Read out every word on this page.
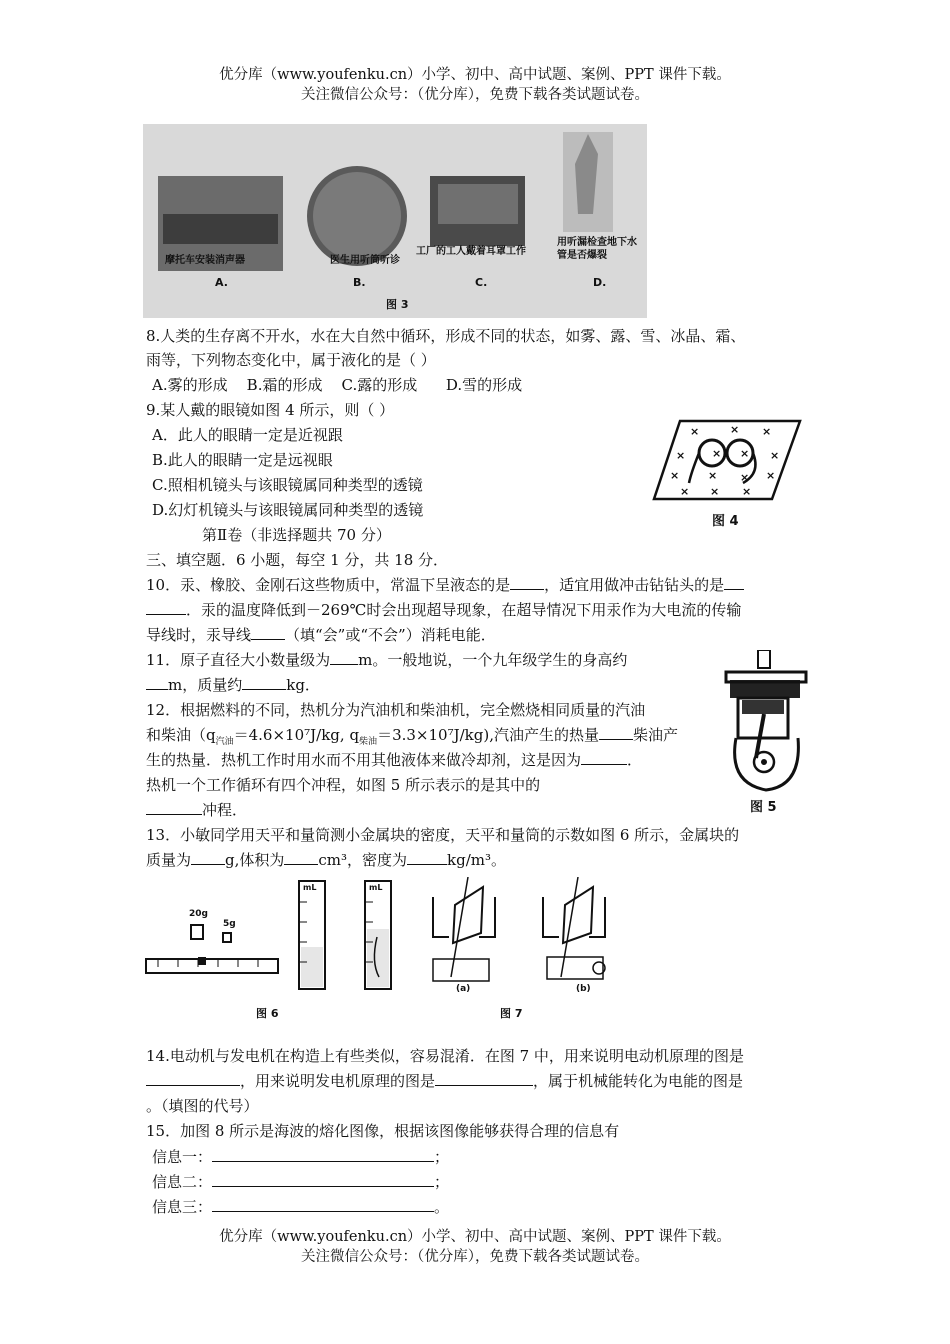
优分库（www.youfenku.cn）小学、初中、高中试题、案例、PPT 课件下载。
关注微信公众号：（优分库），免费下载各类试题试卷。
摩托车安装消声器
A.
医生用听筒听诊
B.
工厂的工人戴着耳罩工作
C.
用听漏检查地下水管是否爆裂
D.
图 3
8.人类的生存离不开水，水在大自然中循环，形成不同的状态，如雾、露、雪、冰晶、霜、
雨等，下列物态变化中，属于液化的是（ ）
A.雾的形成    B.霜的形成    C.露的形成      D.雪的形成
9.某人戴的眼镜如图 4 所示，则（ ）
A．此人的眼睛一定是近视跟
B.此人的眼睛一定是远视眼
C.照相机镜头与该眼镜属同种类型的透镜
D.幻灯机镜头与该眼镜属同种类型的透镜
×	× ×
×	×
×	× × ×
× × ×
× ×
图 4
第Ⅱ卷（非选择题共 70 分）
三、填空题．6 小题，每空 1 分，共 18 分．
10．汞、橡胶、金刚石这些物质中，常温下呈液态的是 ，适宜用做冲击钻钻头的是
．汞的温度降低到－269℃时会出现超导现象，在超导情况下用汞作为大电流的传输
导线时，汞导线 （填“会”或“不会”）消耗电能．
11．原子直径大小数量级为 m。一般地说，一个九年级学生的身高约
m，质量约	kg．
12．根据燃料的不同，热机分为汽油机和柴油机，完全燃烧相同质量的汽油
和柴油（$q_{汽油}=4.6\times 10^7J/kg$, $q_{柴油}=3.3\times 10^7J/kg$),汽油产生的热量 柴油产
生的热量．热机工作时用水而不用其他液体来做冷却剂，这是因为	．
热机一个工作循环有四个冲程，如图 5 所示表示的是其中的
冲程．	图 5
13．小敏同学用天平和量筒测小金属块的密度，天平和量筒的示数如图 6 所示，金属块的
质量为 g,体积为 cm³，密度为	kg/m³。
20g
5g
mL	mL
(a)	(b)
图 6	图 7
14.电动机与发电机在构造上有些类似，容易混淆．在图 7 中，用来说明电动机原理的图是
，用来说明发电机原理的图是	，属于机械能转化为电能的图是
。（填图的代号）
15．加图 8 所示是海波的熔化图像，根据该图像能够获得合理的信息有
信息一：	；
信息二：	；
信息三：	。
优分库（www.youfenku.cn）小学、初中、高中试题、案例、PPT 课件下载。
关注微信公众号：（优分库），免费下载各类试题试卷。
